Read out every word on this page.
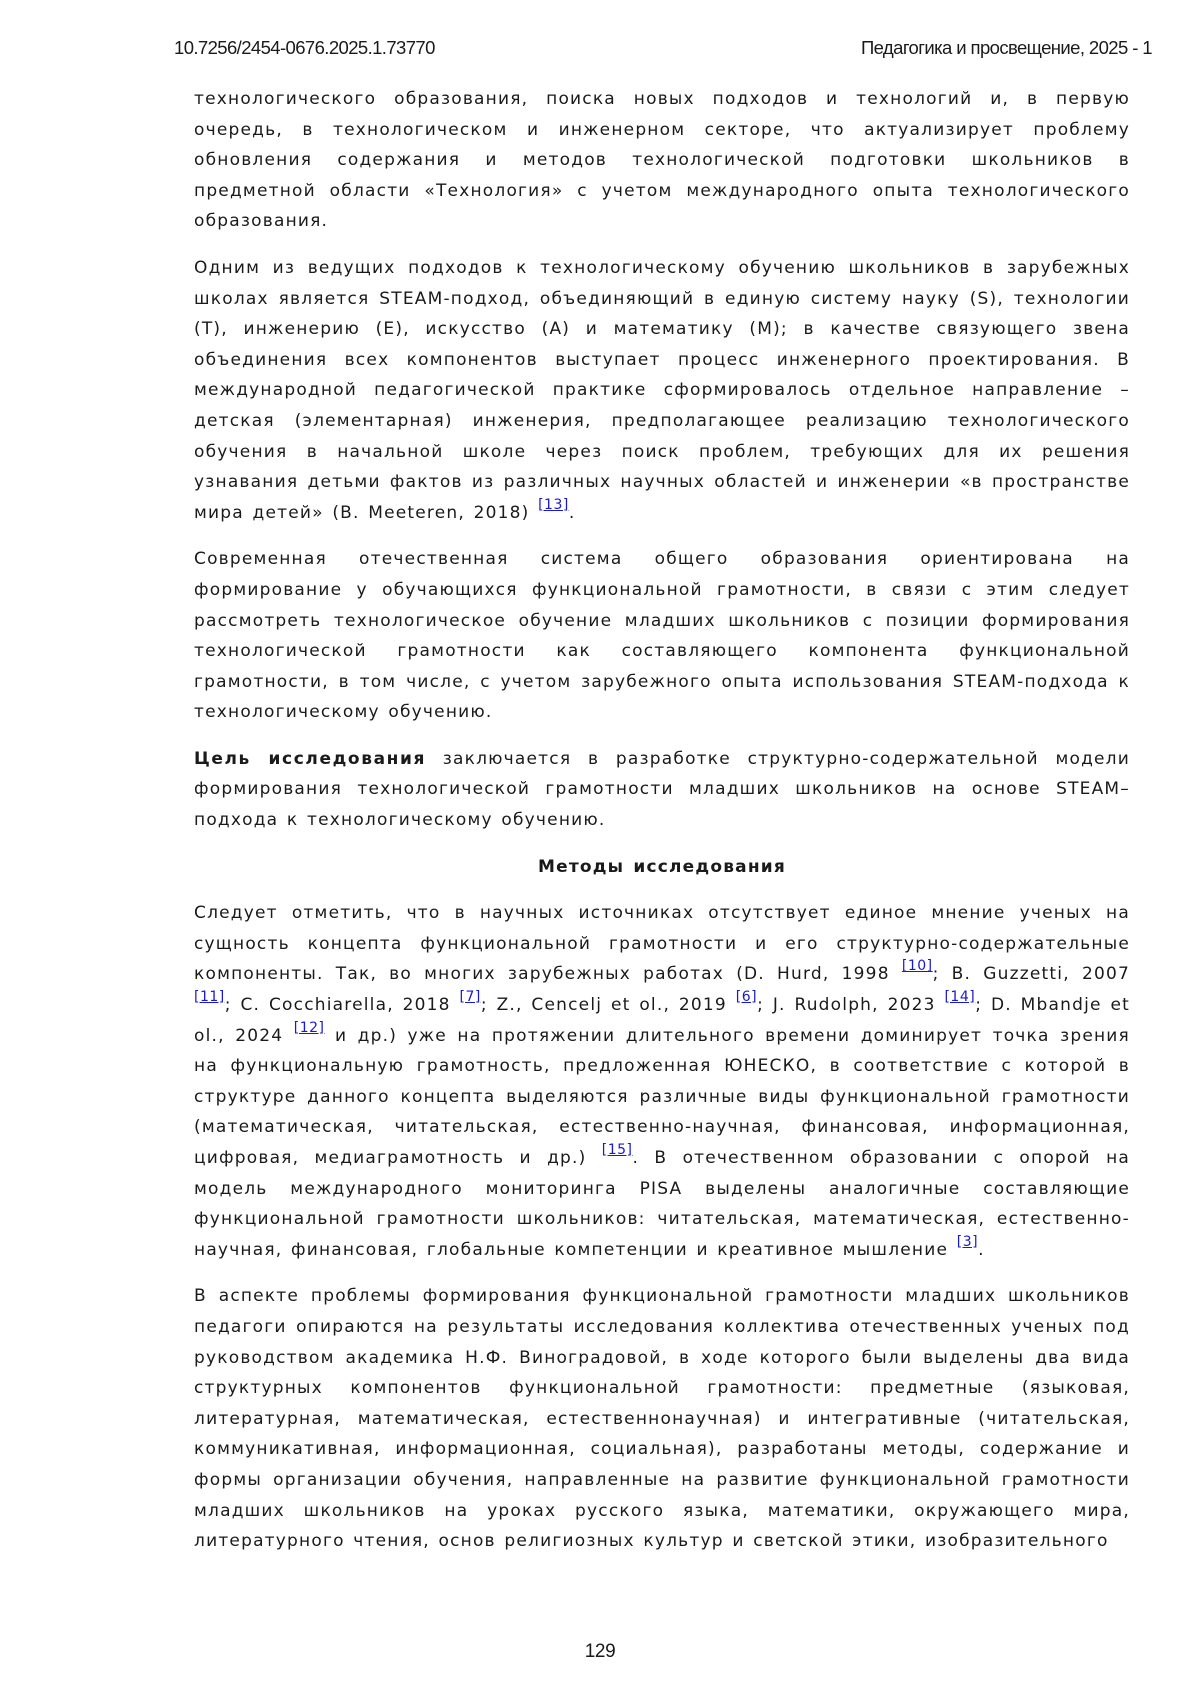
10.7256/2454-0676.2025.1.73770	Педагогика и просвещение, 2025 - 1

технологического образования, поиска новых подходов и технологий и, в первую очередь, в технологическом и инженерном секторе, что актуализирует проблему обновления содержания и методов технологической подготовки школьников в предметной области «Технология» с учетом международного опыта технологического образования.

Одним из ведущих подходов к технологическому обучению школьников в зарубежных школах является STEAM-подход, объединяющий в единую систему науку (S), технологии (T), инженерию (E), искусство (A) и математику (M); в качестве связующего звена объединения всех компонентов выступает процесс инженерного проектирования. В международной педагогической практике сформировалось отдельное направление – детская (элементарная) инженерия, предполагающее реализацию технологического обучения в начальной школе через поиск проблем, требующих для их решения узнавания детьми фактов из различных научных областей и инженерии «в пространстве мира детей» (B. Meeteren, 2018) [13].

Современная отечественная система общего образования ориентирована на формирование у обучающихся функциональной грамотности, в связи с этим следует рассмотреть технологическое обучение младших школьников с позиции формирования технологической грамотности как составляющего компонента функциональной грамотности, в том числе, с учетом зарубежного опыта использования STEAM-подхода к технологическому обучению.

Цель исследования заключается в разработке структурно-содержательной модели формирования технологической грамотности младших школьников на основе STEAM–подхода к технологическому обучению.

Методы исследования

Следует отметить, что в научных источниках отсутствует единое мнение ученых на сущность концепта функциональной грамотности и его структурно-содержательные компоненты. Так, во многих зарубежных работах (D. Hurd, 1998 [10]; B. Guzzetti, 2007 [11]; C. Cocchiarella, 2018 [7]; Z., Cencelj et ol., 2019 [6]; J. Rudolph, 2023 [14]; D. Mbandje et ol., 2024 [12] и др.) уже на протяжении длительного времени доминирует точка зрения на функциональную грамотность, предложенная ЮНЕСКО, в соответствие с которой в структуре данного концепта выделяются различные виды функциональной грамотности (математическая, читательская, естественно-научная, финансовая, информационная, цифровая, медиаграмотность и др.) [15]. В отечественном образовании с опорой на модель международного мониторинга PISA выделены аналогичные составляющие функциональной грамотности школьников: читательская, математическая, естественно-научная, финансовая, глобальные компетенции и креативное мышление [3].

В аспекте проблемы формирования функциональной грамотности младших школьников педагоги опираются на результаты исследования коллектива отечественных ученых под руководством академика Н.Ф. Виноградовой, в ходе которого были выделены два вида структурных компонентов функциональной грамотности: предметные (языковая, литературная, математическая, естественнонаучная) и интегративные (читательская, коммуникативная, информационная, социальная), разработаны методы, содержание и формы организации обучения, направленные на развитие функциональной грамотности младших школьников на уроках русского языка, математики, окружающего мира, литературного чтения, основ религиозных культур и светской этики, изобразительного

129
